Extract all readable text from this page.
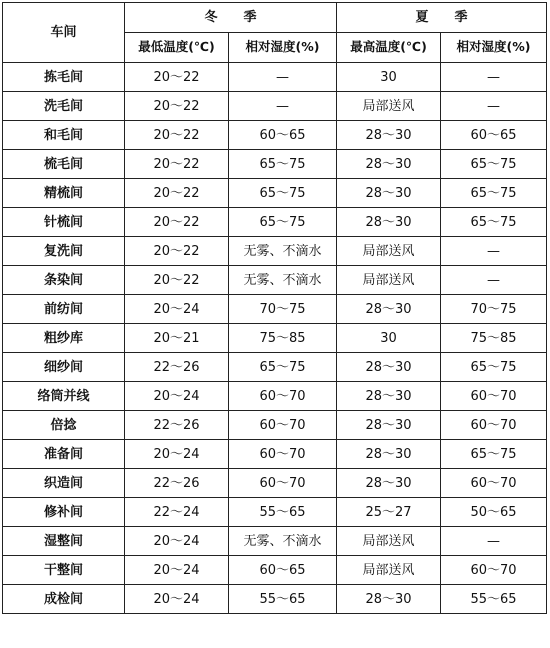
车间	冬　　季		夏　　季	
	最低温度(℃)	相对湿度(%)	最高温度(℃)	相对湿度(%)
拣毛间	20～22	—	30	—
洗毛间	20～22	—	局部送风	—
和毛间	20～22	60～65	28～30	60～65
梳毛间	20～22	65～75	28～30	65～75
精梳间	20～22	65～75	28～30	65～75
针梳间	20～22	65～75	28～30	65～75
复洗间	20～22	无雾、不滴水	局部送风	—
条染间	20～22	无雾、不滴水	局部送风	—
前纺间	20～24	70～75	28～30	70～75
粗纱库	20～21	75～85	30	75～85
细纱间	22～26	65～75	28～30	65～75
络筒并线	20～24	60～70	28～30	60～70
倍捻	22～26	60～70	28～30	60～70
准备间	20～24	60～70	28～30	65～75
织造间	22～26	60～70	28～30	60～70
修补间	22～24	55～65	25～27	50～65
湿整间	20～24	无雾、不滴水	局部送风	—
干整间	20～24	60～65	局部送风	60～70
成检间	20～24	55～65	28～30	55～65
